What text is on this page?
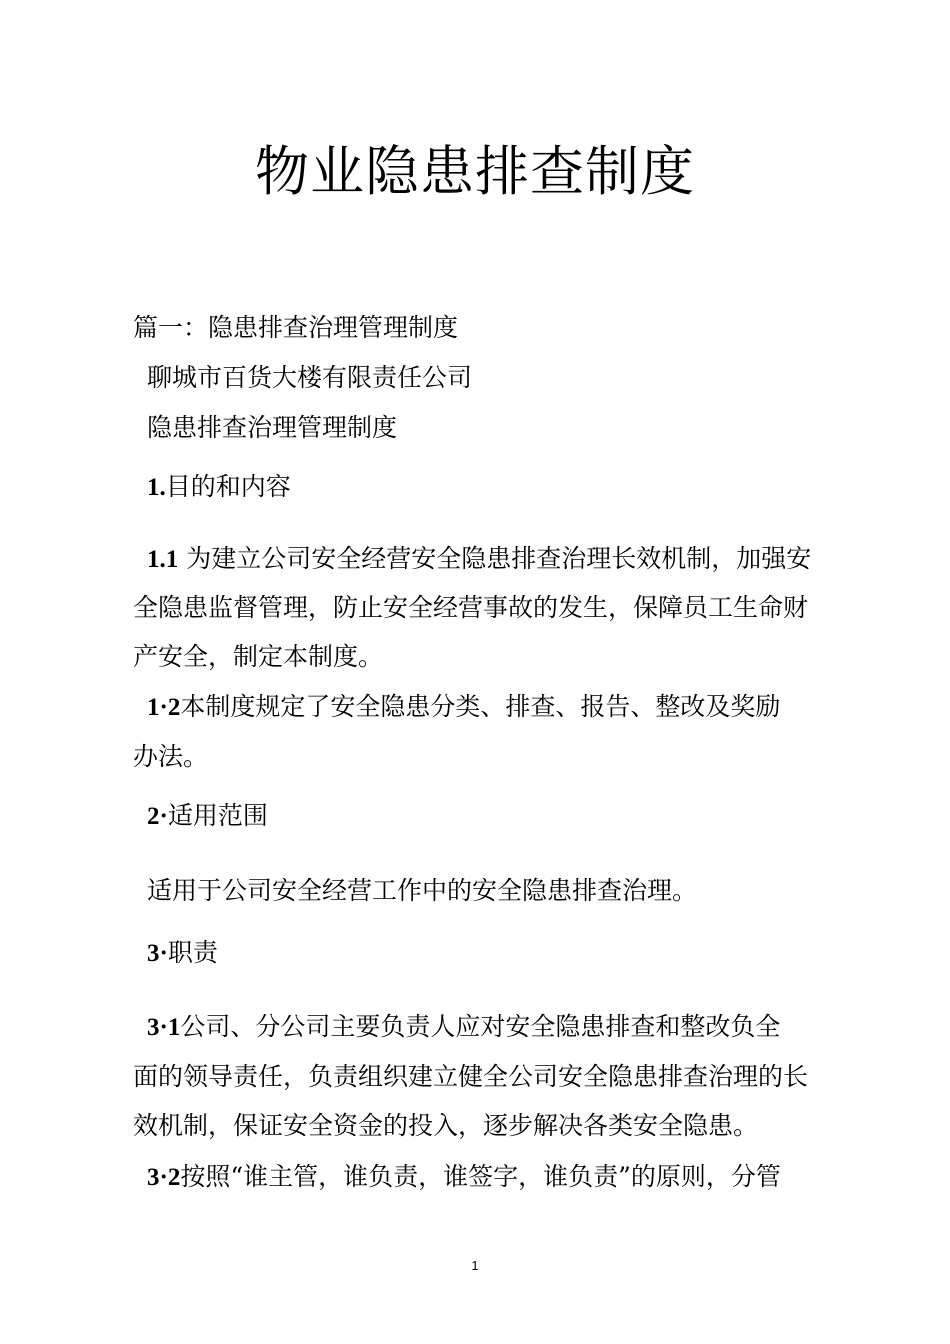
物业隐患排查制度
篇一：隐患排查治理管理制度
聊城市百货大楼有限责任公司
隐患排查治理管理制度
1.目的和内容
1.1 为建立公司安全经营安全隐患排查治理长效机制，加强安
全隐患监督管理，防止安全经营事故的发生，保障员工生命财
产安全，制定本制度。
1·2本制度规定了安全隐患分类、排查、报告、整改及奖励
办法。
2·适用范围
适用于公司安全经营工作中的安全隐患排查治理。
3·职责
3·1公司、分公司主要负责人应对安全隐患排查和整改负全
面的领导责任，负责组织建立健全公司安全隐患排查治理的长
效机制，保证安全资金的投入，逐步解决各类安全隐患。
3·2按照“谁主管，谁负责，谁签字，谁负责”的原则，分管
1
